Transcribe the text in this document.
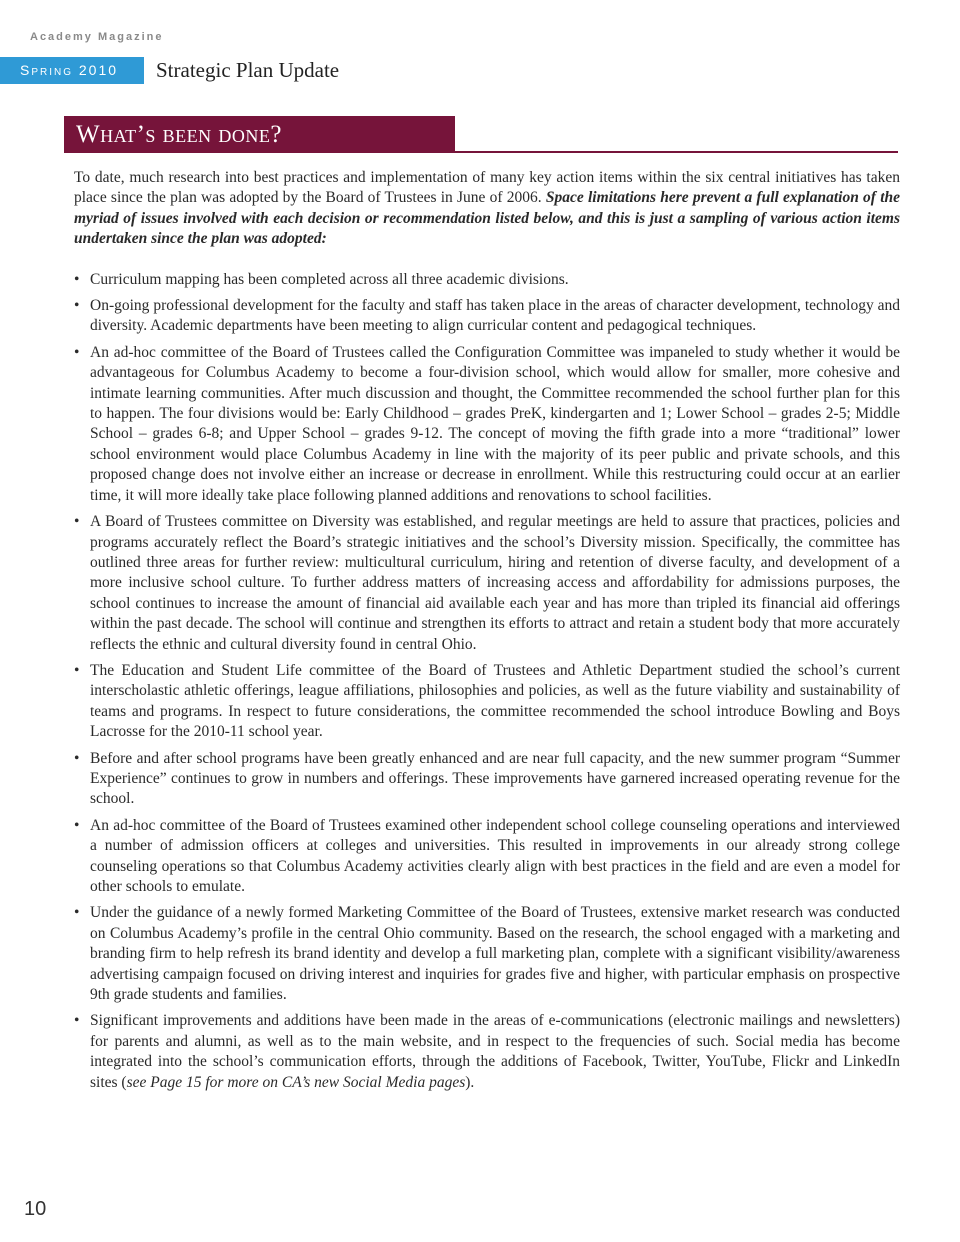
Academy Magazine
Spring 2010	Strategic Plan Update
What’s been done?

To date, much research into best practices and implementation of many key action items within the six central initiatives has taken place since the plan was adopted by the Board of Trustees in June of 2006. Space limitations here prevent a full explanation of the myriad of issues involved with each decision or recommendation listed below, and this is just a sampling of various action items undertaken since the plan was adopted:

• Curriculum mapping has been completed across all three academic divisions.
• On-going professional development for the faculty and staff has taken place in the areas of character development, technology and diversity. Academic departments have been meeting to align curricular content and pedagogical techniques.
• An ad-hoc committee of the Board of Trustees called the Configuration Committee was impaneled to study whether it would be advantageous for Columbus Academy to become a four-division school, which would allow for smaller, more cohesive and intimate learning communities. After much discussion and thought, the Committee recommended the school further plan for this to happen. The four divisions would be: Early Childhood – grades PreK, kindergarten and 1; Lower School – grades 2-5; Middle School – grades 6-8; and Upper School – grades 9-12. The concept of moving the fifth grade into a more “traditional” lower school environment would place Columbus Academy in line with the majority of its peer public and private schools, and this proposed change does not involve either an increase or decrease in enrollment. While this restructuring could occur at an earlier time, it will more ideally take place following planned additions and renovations to school facilities.
• A Board of Trustees committee on Diversity was established, and regular meetings are held to assure that practices, policies and programs accurately reflect the Board’s strategic initiatives and the school’s Diversity mission. Specifically, the committee has outlined three areas for further review: multicultural curriculum, hiring and retention of diverse faculty, and development of a more inclusive school culture. To further address matters of increasing access and affordability for admissions purposes, the school continues to increase the amount of financial aid available each year and has more than tripled its financial aid offerings within the past decade. The school will continue and strengthen its efforts to attract and retain a student body that more accurately reflects the ethnic and cultural diversity found in central Ohio.
• The Education and Student Life committee of the Board of Trustees and Athletic Department studied the school’s current interscholastic athletic offerings, league affiliations, philosophies and policies, as well as the future viability and sustainability of teams and programs. In respect to future considerations, the committee recommended the school introduce Bowling and Boys Lacrosse for the 2010-11 school year.
• Before and after school programs have been greatly enhanced and are near full capacity, and the new summer program “Summer Experience” continues to grow in numbers and offerings. These improvements have garnered increased operating revenue for the school.
• An ad-hoc committee of the Board of Trustees examined other independent school college counseling operations and interviewed a number of admission officers at colleges and universities. This resulted in improvements in our already strong college counseling operations so that Columbus Academy activities clearly align with best practices in the field and are even a model for other schools to emulate.
• Under the guidance of a newly formed Marketing Committee of the Board of Trustees, extensive market research was conducted on Columbus Academy’s profile in the central Ohio community. Based on the research, the school engaged with a marketing and branding firm to help refresh its brand identity and develop a full marketing plan, complete with a significant visibility/awareness advertising campaign focused on driving interest and inquiries for grades five and higher, with particular emphasis on prospective 9th grade students and families.
• Significant improvements and additions have been made in the areas of e-communications (electronic mailings and newsletters) for parents and alumni, as well as to the main website, and in respect to the frequencies of such. Social media has become integrated into the school’s communication efforts, through the additions of Facebook, Twitter, YouTube, Flickr and LinkedIn sites (see Page 15 for more on CA’s new Social Media pages).
10
